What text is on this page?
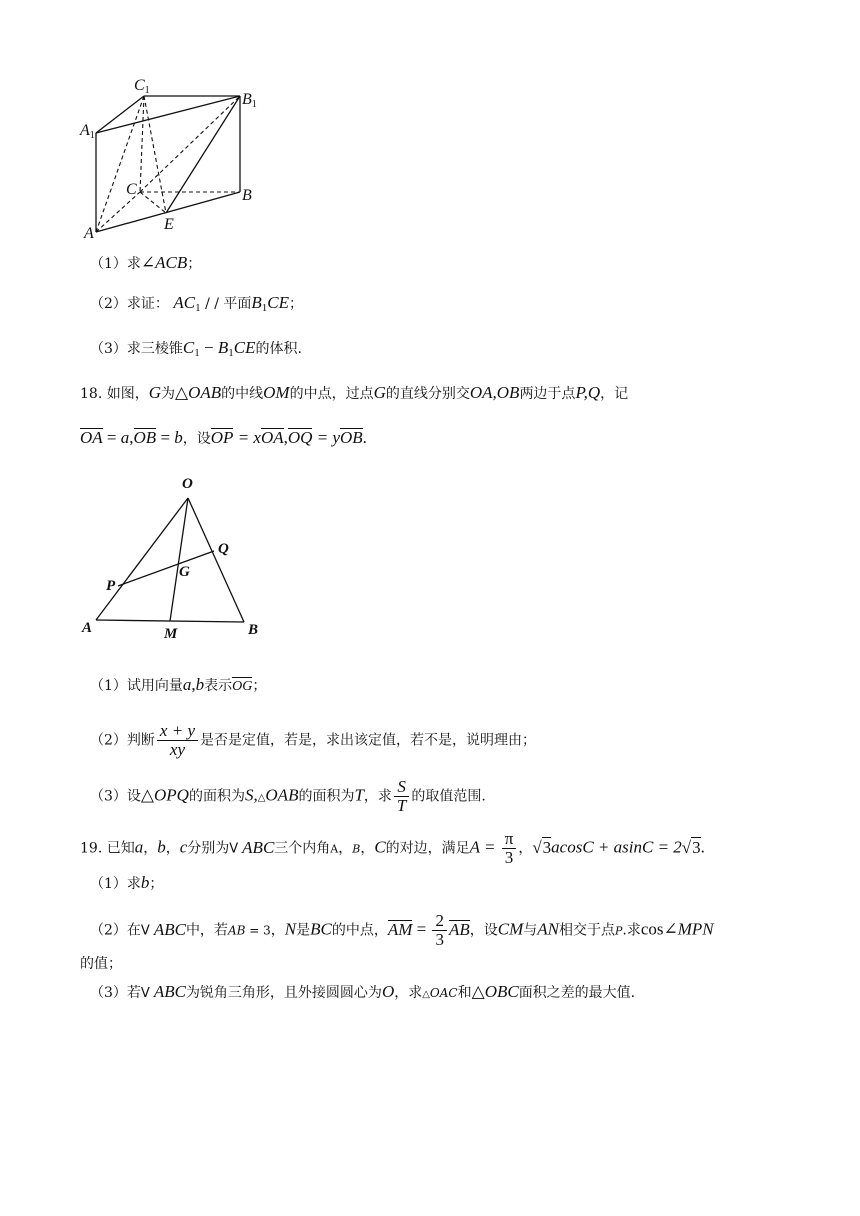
C1
B1
A1
C	B
E
A
（1）求∠ACB；
（2）求证： $AC_1$ / / 平面$B_1CE$；
（3）求三棱锥$C_1 - B_1CE$的体积.
18. 如图，G为△OAB的中线OM的中点，过点G的直线分别交OA,OB两边于点P,Q，记
OA = a,OB = b，设OP = xOA,OQ = yOB.
O
Q
G
P
A	M	B
（1）试用向量a,b表示OG；
（2）判断 $\frac{x + y}{xy}$ 是否是定值，若是，求出该定值，若不是，说明理由；
（3）设△OPQ的面积为S,△OAB的面积为T，求 $\frac{S}{T}$ 的取值范围.
19. 已知a，b，c分别为V ABC三个内角A，B，C的对边，满足$A = \frac{\pi}{3}$ ，√3acosC + asinC = 2√3.
（1）求b；
（2）在V ABC中，若AB = 3，N是BC的中点，AM = $\frac{2}{3}$ AB，设CM与AN相交于点P.求cos∠MPN
的值；
（3）若V ABC为锐角三角形，且外接圆圆心为O，求△OAC和△OBC面积之差的最大值.
